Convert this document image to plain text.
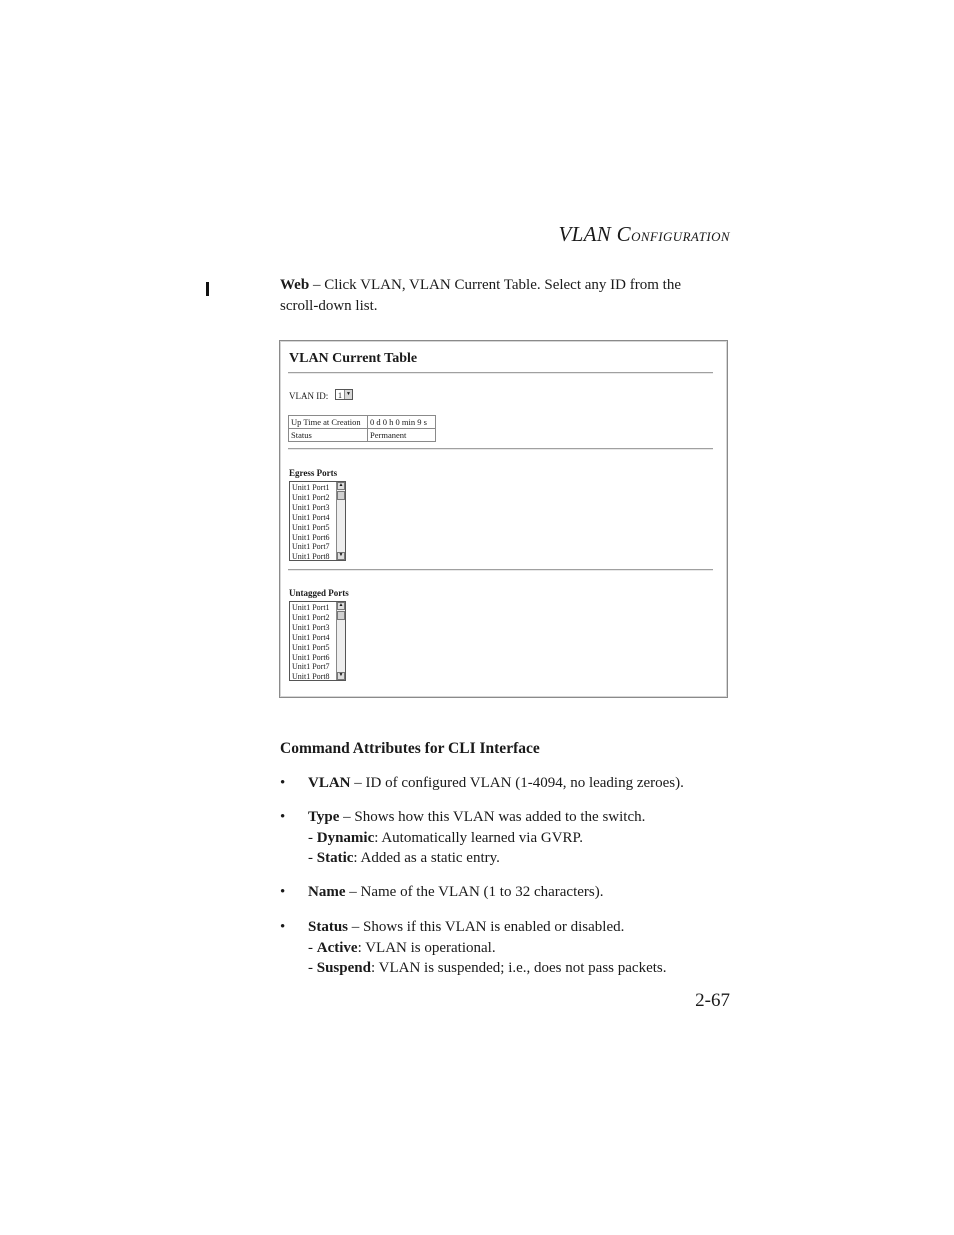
VLAN CONFIGURATION
Web – Click VLAN, VLAN Current Table. Select any ID from the scroll-down list.
VLAN Current Table
VLAN ID:	1 ▼
Up Time at Creation	0 d 0 h 0 min 9 s
Status	Permanent
Egress Ports
Unit1 Port1
Unit1 Port2
Unit1 Port3
Unit1 Port4
Unit1 Port5
Unit1 Port6
Unit1 Port7
Unit1 Port8
▲
▼
Untagged Ports
Unit1 Port1
Unit1 Port2
Unit1 Port3
Unit1 Port4
Unit1 Port5
Unit1 Port6
Unit1 Port7
Unit1 Port8
▲
▼
Command Attributes for CLI Interface
• VLAN – ID of configured VLAN (1-4094, no leading zeroes).
• Type – Shows how this VLAN was added to the switch.
- Dynamic: Automatically learned via GVRP.
- Static: Added as a static entry.
• Name – Name of the VLAN (1 to 32 characters).
• Status – Shows if this VLAN is enabled or disabled.
- Active: VLAN is operational.
- Suspend: VLAN is suspended; i.e., does not pass packets.
2-67
